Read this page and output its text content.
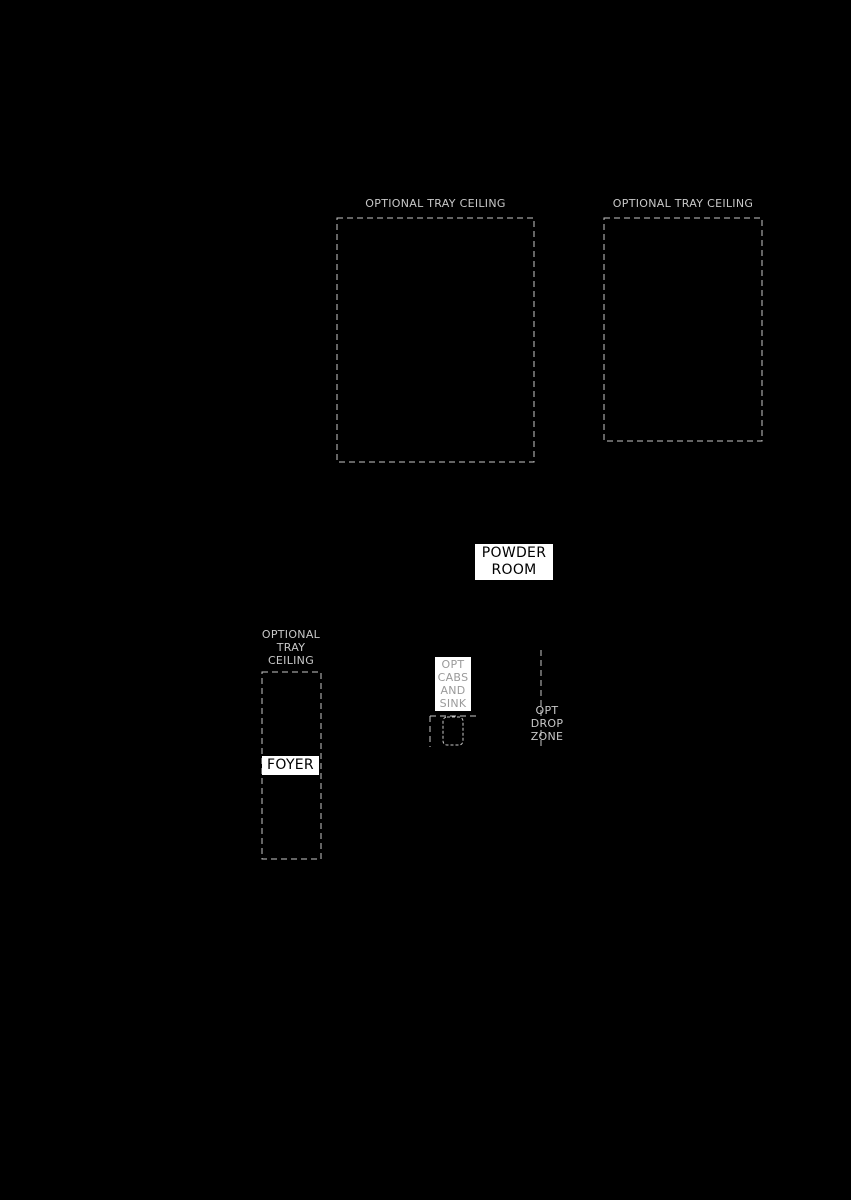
OPTIONAL TRAY CEILING	OPTIONAL TRAY CEILING
POWDER
ROOM
OPTIONAL
TRAY
CEILING
FOYER
OPT
CABS
AND
SINK
OPT
DROP
ZONE
